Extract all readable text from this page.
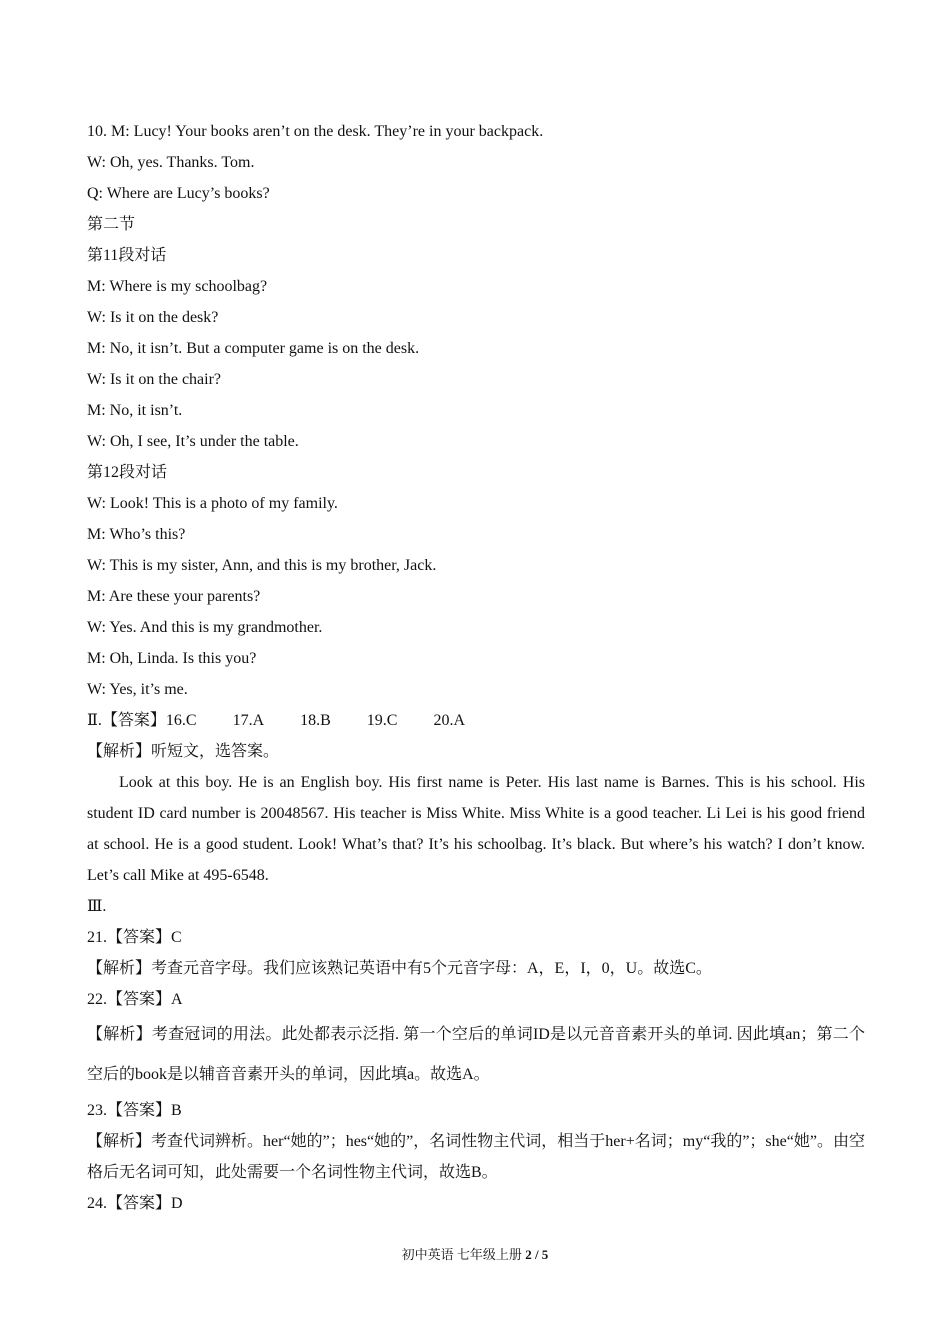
10. M: Lucy! Your books aren’t on the desk. They’re in your backpack.
W: Oh, yes. Thanks. Tom.
Q: Where are Lucy’s books?
第二节
第11段对话
M: Where is my schoolbag?
W: Is it on the desk?
M: No, it isn’t. But a computer game is on the desk.
W: Is it on the chair?
M: No, it isn’t.
W: Oh, I see, It’s under the table.
第12段对话
W: Look! This is a photo of my family.
M: Who’s this?
W: This is my sister, Ann, and this is my brother, Jack.
M: Are these your parents?
W: Yes. And this is my grandmother.
M: Oh, Linda. Is this you?
W: Yes, it’s me.
Ⅱ.【答案】16.C 17.A 18.B 19.C 20.A
【解析】听短文，选答案。
Look at this boy. He is an English boy. His first name is Peter. His last name is Barnes. This is his school. His student ID card number is 20048567. His teacher is Miss White. Miss White is a good teacher. Li Lei is his good friend at school. He is a good student. Look! What’s that? It’s his schoolbag. It’s black. But where’s his watch? I don’t know. Let’s call Mike at 495-6548.
Ⅲ.
21.【答案】C
【解析】考查元音字母。我们应该熟记英语中有5个元音字母：A，E，I，0，U。故选C。
22.【答案】A
【解析】考查冠词的用法。此处都表示泛指. 第一个空后的单词ID是以元音音素开头的单词. 因此填an；第二个空后的book是以辅音音素开头的单词，因此填a。故选A。
23.【答案】B
【解析】考查代词辨析。her“她的”；hes“她的”，名词性物主代词，相当于her+名词；my“我的”；she“她”。由空格后无名词可知，此处需要一个名词性物主代词，故选B。
24.【答案】D
初中英语 七年级上册 2 / 5
